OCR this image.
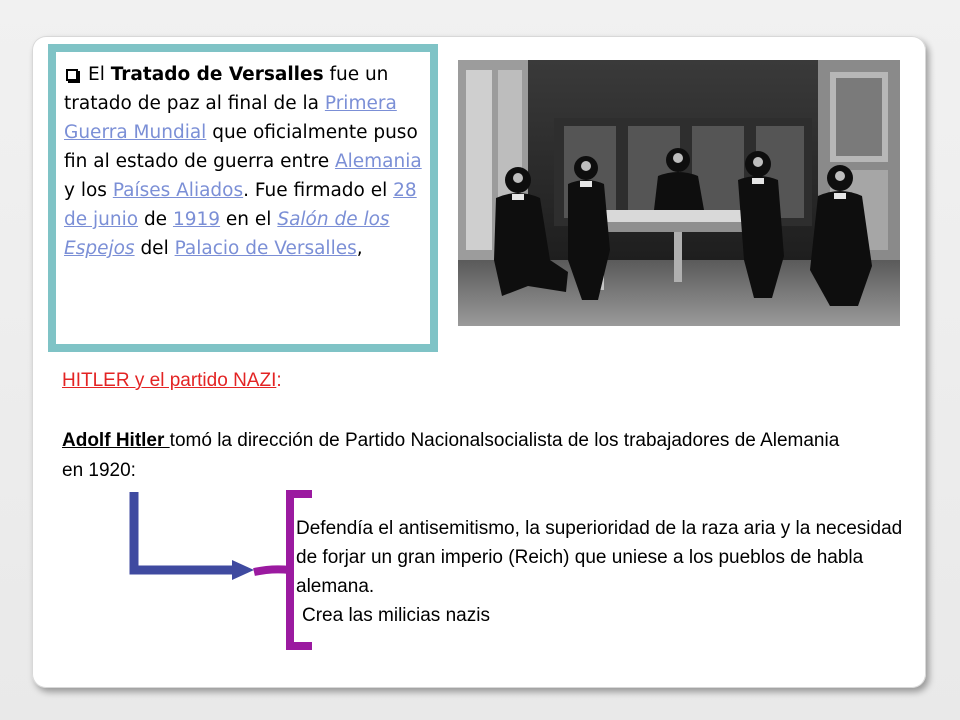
El Tratado de Versalles fue un tratado de paz al final de la Primera Guerra Mundial que oficialmente puso fin al estado de guerra entre Alemania y los Países Aliados. Fue firmado el 28 de junio de 1919 en el Salón de los Espejos del Palacio de Versalles,

HITLER y el partido NAZI:

Adolf Hitler tomó la dirección de Partido Nacionalsocialista de los trabajadores de Alemania en 1920:

Defendía el antisemitismo, la superioridad de la raza aria y la necesidad de forjar un gran imperio (Reich) que uniese a los pueblos de habla alemana.
Crea las milicias nazis
